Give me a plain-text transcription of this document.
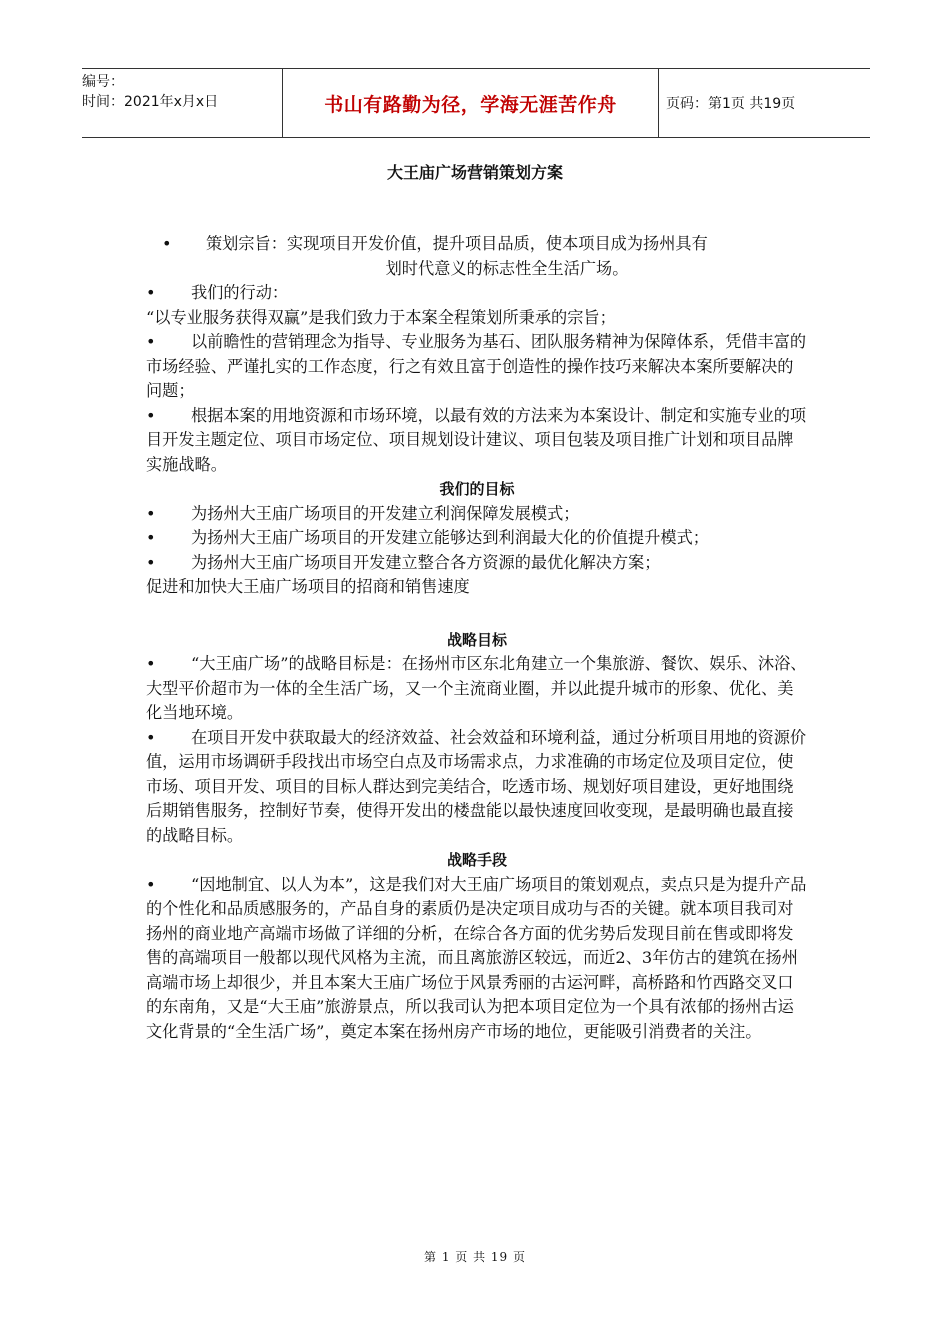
编号：
时间：2021年x月x日	书山有路勤为径，学海无涯苦作舟	页码：第1页 共19页
大王庙广场营销策划方案

• 策划宗旨：实现项目开发价值，提升项目品质，使本项目成为扬州具有
划时代意义的标志性全生活广场。

• 我们的行动：

“以专业服务获得双赢”是我们致力于本案全程策划所秉承的宗旨；

• 以前瞻性的营销理念为指导、专业服务为基石、团队服务精神为保障体系，凭借丰富的市场经验、严谨扎实的工作态度，行之有效且富于创造性的操作技巧来解决本案所要解决的问题；

• 根据本案的用地资源和市场环境，以最有效的方法来为本案设计、制定和实施专业的项目开发主题定位、项目市场定位、项目规划设计建议、项目包装及项目推广计划和项目品牌实施战略。

我们的目标

• 为扬州大王庙广场项目的开发建立利润保障发展模式；

• 为扬州大王庙广场项目的开发建立能够达到利润最大化的价值提升模式；

• 为扬州大王庙广场项目开发建立整合各方资源的最优化解决方案；

促进和加快大王庙广场项目的招商和销售速度

战略目标

• “大王庙广场”的战略目标是：在扬州市区东北角建立一个集旅游、餐饮、娱乐、沐浴、大型平价超市为一体的全生活广场，又一个主流商业圈，并以此提升城市的形象、优化、美化当地环境。

• 在项目开发中获取最大的经济效益、社会效益和环境利益，通过分析项目用地的资源价值，运用市场调研手段找出市场空白点及市场需求点，力求准确的市场定位及项目定位，使市场、项目开发、项目的目标人群达到完美结合，吃透市场、规划好项目建设，更好地围绕后期销售服务，控制好节奏，使得开发出的楼盘能以最快速度回收变现，是最明确也最直接的战略目标。

战略手段

• “因地制宜、以人为本”，这是我们对大王庙广场项目的策划观点，卖点只是为提升产品的个性化和品质感服务的，产品自身的素质仍是决定项目成功与否的关键。就本项目我司对扬州的商业地产高端市场做了详细的分析，在综合各方面的优劣势后发现目前在售或即将发售的高端项目一般都以现代风格为主流，而且离旅游区较远，而近2、3年仿古的建筑在扬州高端市场上却很少，并且本案大王庙广场位于风景秀丽的古运河畔，高桥路和竹西路交叉口的东南角，又是“大王庙”旅游景点，所以我司认为把本项目定位为一个具有浓郁的扬州古运文化背景的“全生活广场”，奠定本案在扬州房产市场的地位，更能吸引消费者的关注。

第 1 页 共 19 页
